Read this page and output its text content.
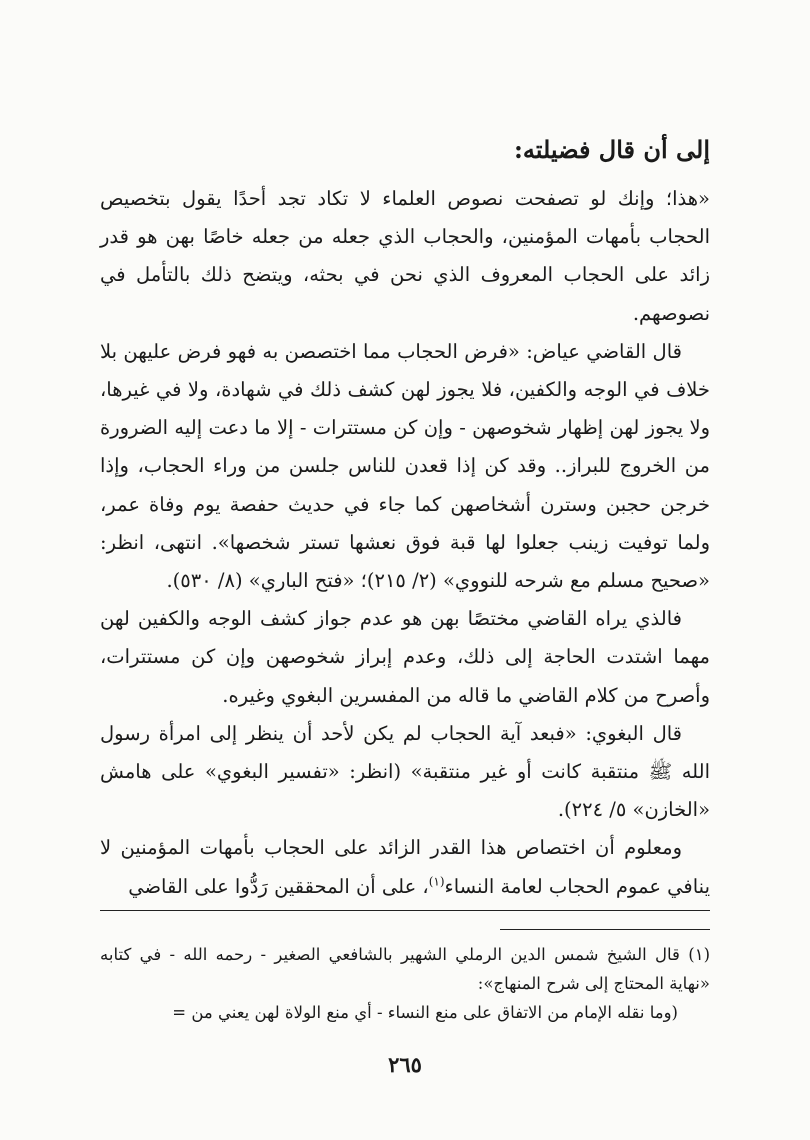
إلى أن قال فضيلته:

«هذا؛ وإنك لو تصفحت نصوص العلماء لا تكاد تجد أحدًا يقول بتخصيص الحجاب بأمهات المؤمنين، والحجاب الذي جعله من جعله خاصًا بهن هو قدر زائد على الحجاب المعروف الذي نحن في بحثه، ويتضح ذلك بالتأمل في نصوصهم.

قال القاضي عياض: «فرض الحجاب مما اختصصن به فهو فرض عليهن بلا خلاف في الوجه والكفين، فلا يجوز لهن كشف ذلك في شهادة، ولا في غيرها، ولا يجوز لهن إظهار شخوصهن - وإن كن مستترات - إلا ما دعت إليه الضرورة من الخروج للبراز.. وقد كن إذا قعدن للناس جلسن من وراء الحجاب، وإذا خرجن حجبن وسترن أشخاصهن كما جاء في حديث حفصة يوم وفاة عمر، ولما توفيت زينب جعلوا لها قبة فوق نعشها تستر شخصها». انتهى، انظر: «صحيح مسلم مع شرحه للنووي» (٢/ ٢١٥)؛ «فتح الباري» (٨/ ٥٣٠).

فالذي يراه القاضي مختصًا بهن هو عدم جواز كشف الوجه والكفين لهن مهما اشتدت الحاجة إلى ذلك، وعدم إبراز شخوصهن وإن كن مستترات، وأصرح من كلام القاضي ما قاله من المفسرين البغوي وغيره.

قال البغوي: «فبعد آية الحجاب لم يكن لأحد أن ينظر إلى امرأة رسول الله ﷺ منتقبة كانت أو غير منتقبة» (انظر: «تفسير البغوي» على هامش «الخازن» ٥/ ٢٢٤).

ومعلوم أن اختصاص هذا القدر الزائد على الحجاب بأمهات المؤمنين لا ينافي عموم الحجاب لعامة النساء$^{(١)}$، على أن المحققين رَدُّوا على القاضي

(١) قال الشيخ شمس الدين الرملي الشهير بالشافعي الصغير - رحمه الله - في كتابه «نهاية المحتاج إلى شرح المنهاج»:

(وما نقله الإمام من الاتفاق على منع النساء - أي منع الولاة لهن يعني من =

٢٦٥
